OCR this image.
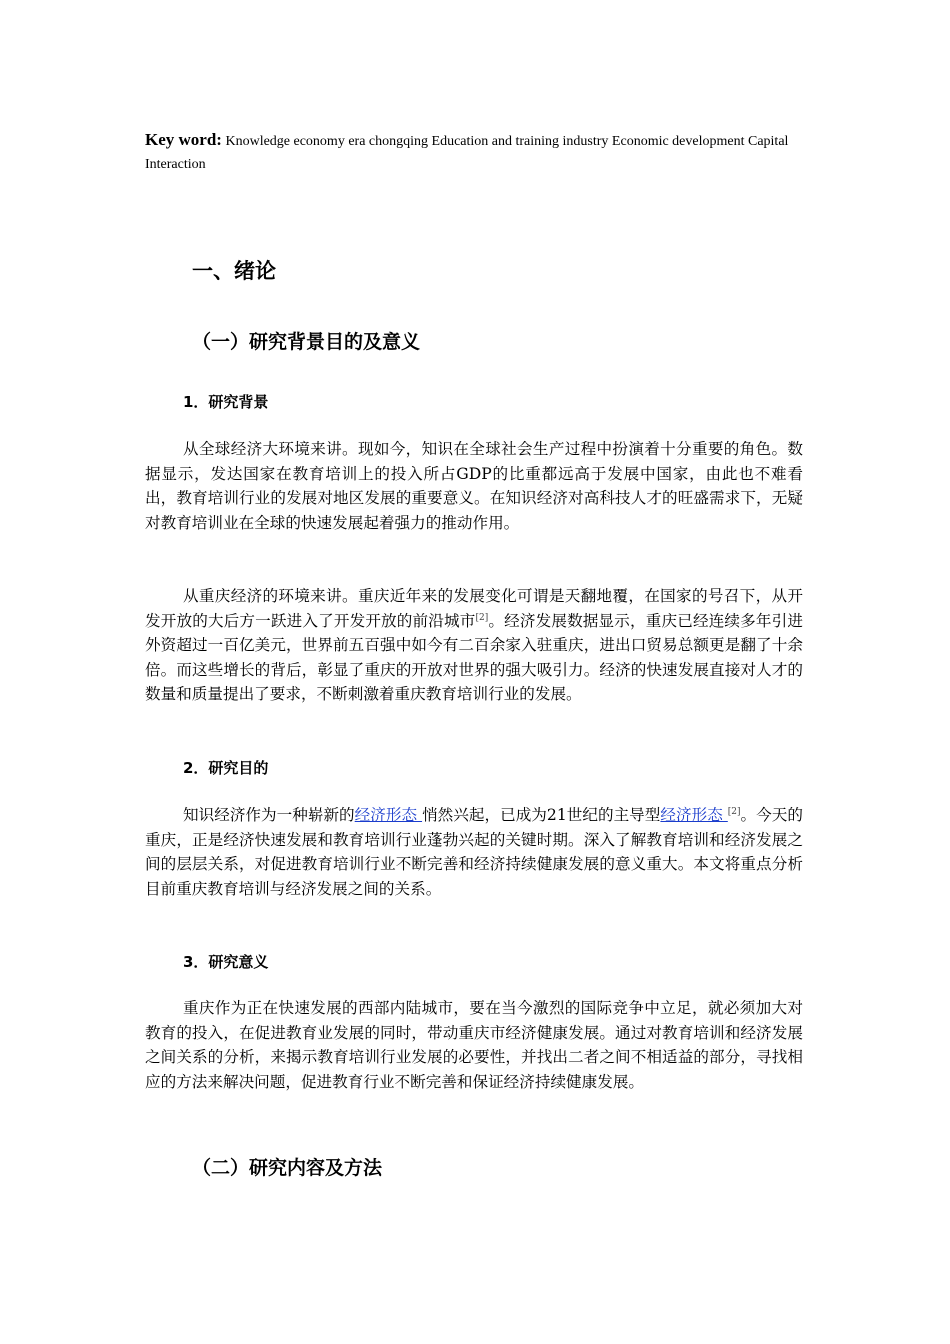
Key word: Knowledge economy era chongqing Education and training industry Economic development Capital Interaction
一、绪论
（一）研究背景目的及意义
1．研究背景

从全球经济大环境来讲。现如今，知识在全球社会生产过程中扮演着十分重要的角色。数据显示，发达国家在教育培训上的投入所占GDP的比重都远高于发展中国家，由此也不难看出，教育培训行业的发展对地区发展的重要意义。在知识经济对高科技人才的旺盛需求下，无疑对教育培训业在全球的快速发展起着强力的推动作用。

从重庆经济的环境来讲。重庆近年来的发展变化可谓是天翻地覆，在国家的号召下，从开发开放的大后方一跃进入了开发开放的前沿城市[2]。经济发展数据显示，重庆已经连续多年引进外资超过一百亿美元，世界前五百强中如今有二百余家入驻重庆，进出口贸易总额更是翻了十余倍。而这些增长的背后，彰显了重庆的开放对世界的强大吸引力。经济的快速发展直接对人才的数量和质量提出了要求，不断刺激着重庆教育培训行业的发展。

2．研究目的

知识经济作为一种崭新的经济形态 悄然兴起，已成为21世纪的主导型经济形态 [2]。今天的重庆，正是经济快速发展和教育培训行业蓬勃兴起的关键时期。深入了解教育培训和经济发展之间的层层关系，对促进教育培训行业不断完善和经济持续健康发展的意义重大。本文将重点分析目前重庆教育培训与经济发展之间的关系。

3．研究意义

重庆作为正在快速发展的西部内陆城市，要在当今激烈的国际竞争中立足，就必须加大对教育的投入，在促进教育业发展的同时，带动重庆市经济健康发展。通过对教育培训和经济发展之间关系的分析，来揭示教育培训行业发展的必要性，并找出二者之间不相适益的部分，寻找相应的方法来解决问题，促进教育行业不断完善和保证经济持续健康发展。

（二）研究内容及方法
